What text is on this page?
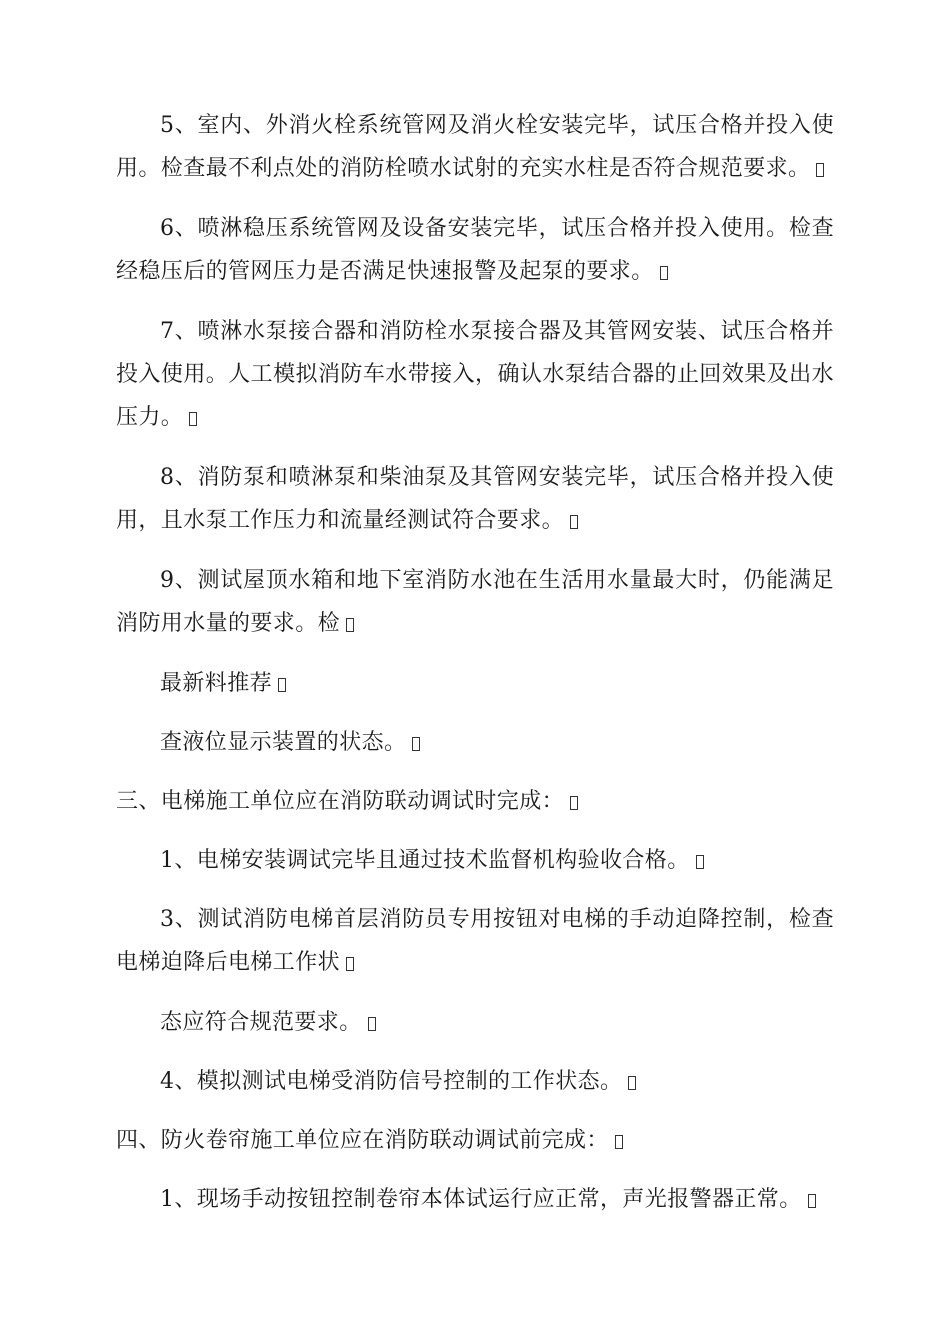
5、室内、外消火栓系统管网及消火栓安装完毕，试压合格并投入使用。检查最不利点处的消防栓喷水试射的充实水柱是否符合规范要求。

6、喷淋稳压系统管网及设备安装完毕，试压合格并投入使用。检查经稳压后的管网压力是否满足快速报警及起泵的要求。

7、喷淋水泵接合器和消防栓水泵接合器及其管网安装、试压合格并投入使用。人工模拟消防车水带接入，确认水泵结合器的止回效果及出水压力。

8、消防泵和喷淋泵和柴油泵及其管网安装完毕，试压合格并投入使用，且水泵工作压力和流量经测试符合要求。

9、测试屋顶水箱和地下室消防水池在生活用水量最大时，仍能满足消防用水量的要求。检

最新料推荐

查液位显示装置的状态。

三、电梯施工单位应在消防联动调试时完成：

1、电梯安装调试完毕且通过技术监督机构验收合格。

3、测试消防电梯首层消防员专用按钮对电梯的手动迫降控制，检查电梯迫降后电梯工作状

态应符合规范要求。

4、模拟测试电梯受消防信号控制的工作状态。

四、防火卷帘施工单位应在消防联动调试前完成：

1、现场手动按钮控制卷帘本体试运行应正常，声光报警器正常。
